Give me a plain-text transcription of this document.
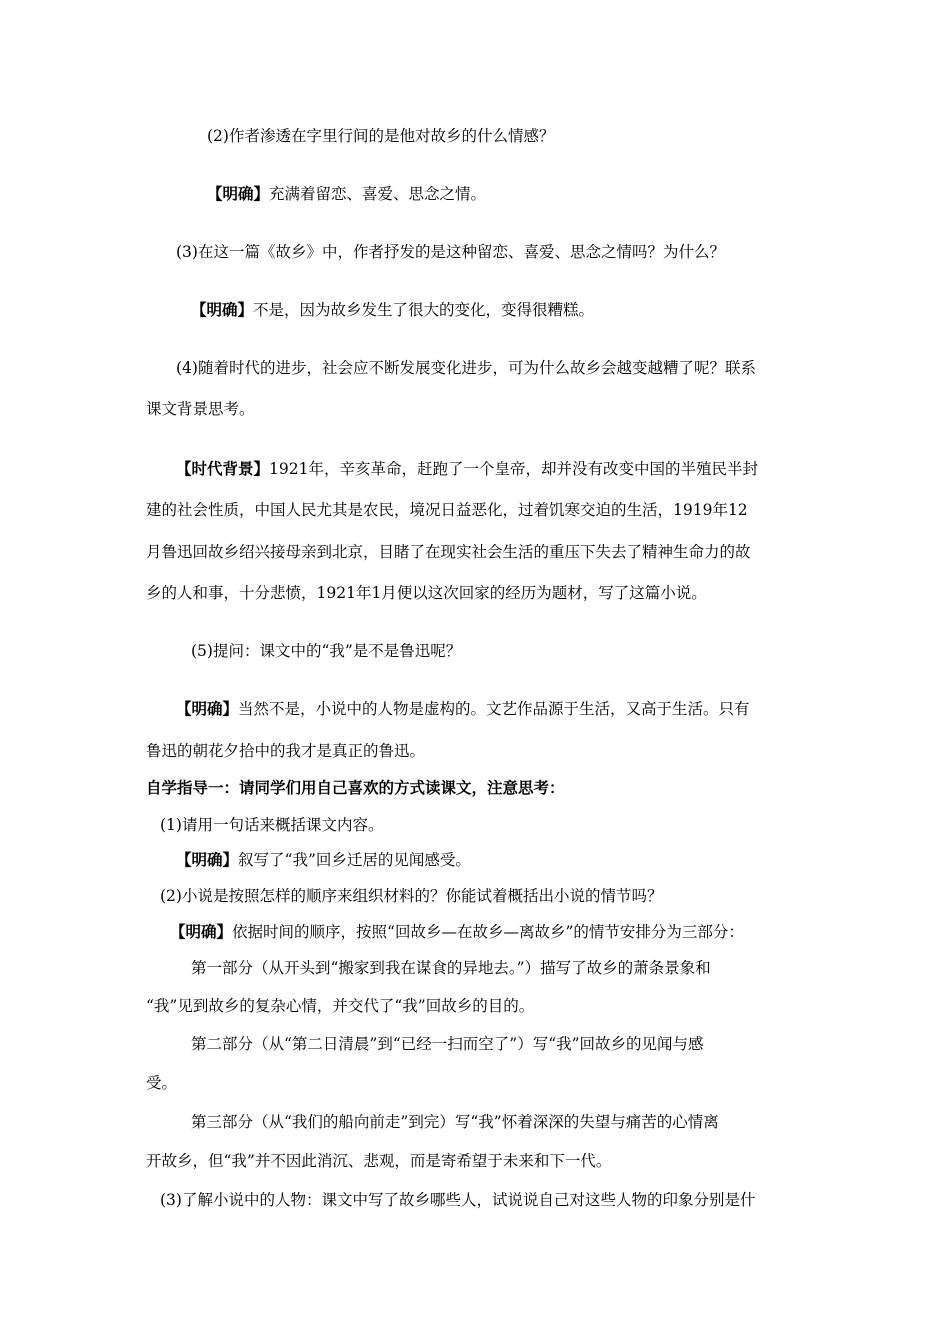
(2)作者渗透在字里行间的是他对故乡的什么情感？
【明确】充满着留恋、喜爱、思念之情。
(3)在这一篇《故乡》中，作者抒发的是这种留恋、喜爱、思念之情吗？为什么？
【明确】不是，因为故乡发生了很大的变化，变得很糟糕。
(4)随着时代的进步，社会应不断发展变化进步，可为什么故乡会越变越糟了呢？联系
课文背景思考。
【时代背景】1921年，辛亥革命，赶跑了一个皇帝，却并没有改变中国的半殖民半封
建的社会性质，中国人民尤其是农民，境况日益恶化，过着饥寒交迫的生活，1919年12
月鲁迅回故乡绍兴接母亲到北京，目睹了在现实社会生活的重压下失去了精神生命力的故
乡的人和事，十分悲愤，1921年1月便以这次回家的经历为题材，写了这篇小说。
(5)提问：课文中的“我”是不是鲁迅呢？
【明确】当然不是，小说中的人物是虚构的。文艺作品源于生活，又高于生活。只有
鲁迅的朝花夕拾中的我才是真正的鲁迅。
自学指导一：请同学们用自己喜欢的方式读课文，注意思考：
(1)请用一句话来概括课文内容。
【明确】叙写了“我”回乡迁居的见闻感受。
(2)小说是按照怎样的顺序来组织材料的？你能试着概括出小说的情节吗？
【明确】依据时间的顺序，按照“回故乡—在故乡—离故乡”的情节安排分为三部分：
第一部分（从开头到“搬家到我在谋食的异地去。”）描写了故乡的萧条景象和
“我”见到故乡的复杂心情，并交代了“我”回故乡的目的。
第二部分（从“第二日清晨”到“已经一扫而空了”）写“我”回故乡的见闻与感
受。
第三部分（从“我们的船向前走”到完）写“我”怀着深深的失望与痛苦的心情离
开故乡，但“我”并不因此消沉、悲观，而是寄希望于未来和下一代。
(3)了解小说中的人物：课文中写了故乡哪些人，试说说自己对这些人物的印象分别是什
